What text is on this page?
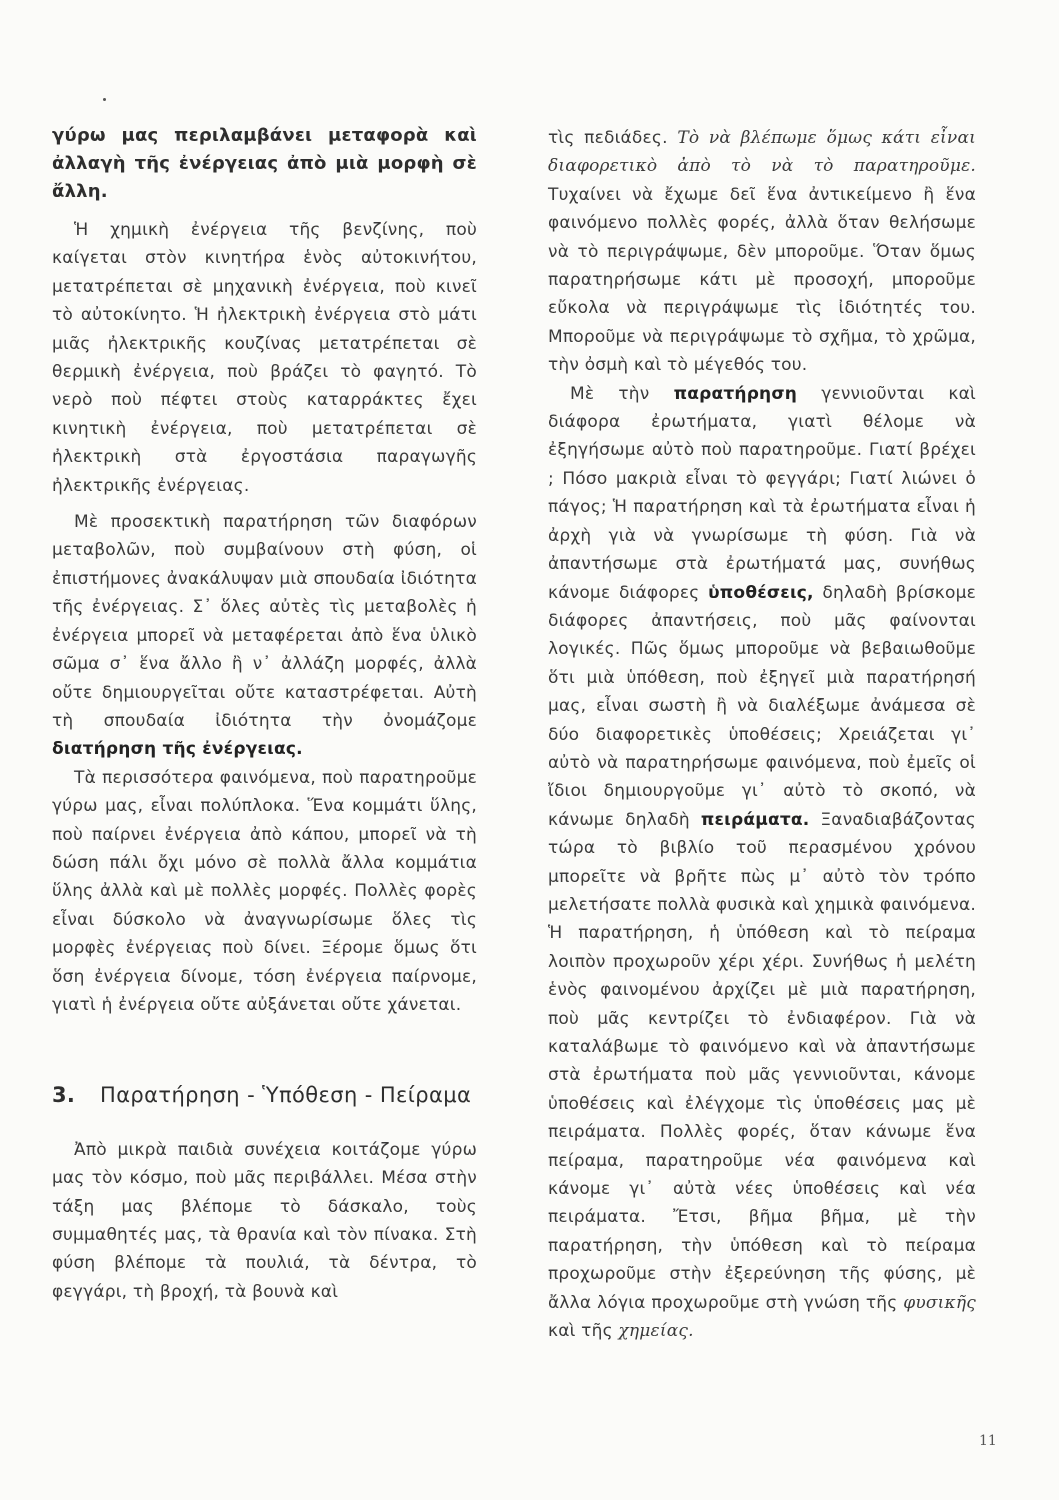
γύρω μας περιλαμβάνει μεταφορὰ καὶ ἀλλαγὴ τῆς ἐνέργειας ἀπὸ μιὰ μορφὴ σὲ ἄλλη.

Ἡ χημικὴ ἐνέργεια τῆς βενζίνης, ποὺ καίγεται στὸν κινητήρα ἑνὸς αὐτοκινήτου, μετατρέπεται σὲ μηχανικὴ ἐνέργεια, ποὺ κινεῖ τὸ αὐτοκίνητο. Ἡ ἠλεκτρικὴ ἐνέργεια στὸ μάτι μιᾶς ἠλεκτρικῆς κουζίνας μετατρέπεται σὲ θερμικὴ ἐνέργεια, ποὺ βράζει τὸ φαγητό. Τὸ νερὸ ποὺ πέφτει στοὺς καταρράκτες ἔχει κινητικὴ ἐνέργεια, ποὺ μετατρέπεται σὲ ἠλεκτρικὴ στὰ ἐργοστάσια παραγωγῆς ἠλεκτρικῆς ἐνέργειας.

Μὲ προσεκτικὴ παρατήρηση τῶν διαφόρων μεταβολῶν, ποὺ συμβαίνουν στὴ φύση, οἱ ἐπιστήμονες ἀνακάλυψαν μιὰ σπουδαία ἰδιότητα τῆς ἐνέργειας. Σ᾽ ὅλες αὐτὲς τὶς μεταβολὲς ἡ ἐνέργεια μπορεῖ νὰ μεταφέρεται ἀπὸ ἕνα ὑλικὸ σῶμα σ᾽ ἕνα ἄλλο ἢ ν᾽ ἀλλάζη μορφές, ἀλλὰ οὔτε δημιουργεῖται οὔτε καταστρέφεται. Αὐτὴ τὴ σπουδαία ἰδιότητα τὴν ὀνομάζομε διατήρηση τῆς ἐνέργειας.

Τὰ περισσότερα φαινόμενα, ποὺ παρατηροῦμε γύρω μας, εἶναι πολύπλοκα. Ἕνα κομμάτι ὕλης, ποὺ παίρνει ἐνέργεια ἀπὸ κάπου, μπορεῖ νὰ τὴ δώση πάλι ὄχι μόνο σὲ πολλὰ ἄλλα κομμάτια ὕλης ἀλλὰ καὶ μὲ πολλὲς μορφές. Πολλὲς φορὲς εἶναι δύσκολο νὰ ἀναγνωρίσωμε ὅλες τὶς μορφὲς ἐνέργειας ποὺ δίνει. Ξέρομε ὅμως ὅτι ὅση ἐνέργεια δίνομε, τόση ἐνέργεια παίρνομε, γιατὶ ἡ ἐνέργεια οὔτε αὐξάνεται οὔτε χάνεται.

3. Παρατήρηση - Ὑπόθεση - Πείραμα

Ἀπὸ μικρὰ παιδιὰ συνέχεια κοιτάζομε γύρω μας τὸν κόσμο, ποὺ μᾶς περιβάλλει. Μέσα στὴν τάξη μας βλέπομε τὸ δάσκαλο, τοὺς συμμαθητές μας, τὰ θρανία καὶ τὸν πίνακα. Στὴ φύση βλέπομε τὰ πουλιά, τὰ δέντρα, τὸ φεγγάρι, τὴ βροχή, τὰ βουνὰ καὶ

τὶς πεδιάδες. Τὸ νὰ βλέπωμε ὅμως κάτι εἶναι διαφορετικὸ ἀπὸ τὸ νὰ τὸ παρατηροῦμε. Τυχαίνει νὰ ἔχωμε δεῖ ἕνα ἀντικείμενο ἢ ἕνα φαινόμενο πολλὲς φορές, ἀλλὰ ὅταν θελήσωμε νὰ τὸ περιγράψωμε, δὲν μποροῦμε. Ὅταν ὅμως παρατηρήσωμε κάτι μὲ προσοχή, μποροῦμε εὔκολα νὰ περιγράψωμε τὶς ἰδιότητές του. Μποροῦμε νὰ περιγράψωμε τὸ σχῆμα, τὸ χρῶμα, τὴν ὀσμὴ καὶ τὸ μέγεθός του.

Μὲ τὴν παρατήρηση γεννιοῦνται καὶ διάφορα ἐρωτήματα, γιατὶ θέλομε νὰ ἐξηγήσωμε αὐτὸ ποὺ παρατηροῦμε. Γιατί βρέχει ; Πόσο μακριὰ εἶναι τὸ φεγγάρι; Γιατί λιώνει ὁ πάγος; Ἡ παρατήρηση καὶ τὰ ἐρωτήματα εἶναι ἡ ἀρχὴ γιὰ νὰ γνωρίσωμε τὴ φύση. Γιὰ νὰ ἀπαντήσωμε στὰ ἐρωτήματά μας, συνήθως κάνομε διάφορες ὑποθέσεις, δηλαδὴ βρίσκομε διάφορες ἀπαντήσεις, ποὺ μᾶς φαίνονται λογικές. Πῶς ὅμως μποροῦμε νὰ βεβαιωθοῦμε ὅτι μιὰ ὑπόθεση, ποὺ ἐξηγεῖ μιὰ παρατήρησή μας, εἶναι σωστὴ ἢ νὰ διαλέξωμε ἀνάμεσα σὲ δύο διαφορετικὲς ὑποθέσεις; Χρειάζεται γι᾽ αὐτὸ νὰ παρατηρήσωμε φαινόμενα, ποὺ ἐμεῖς οἱ ἴδιοι δημιουργοῦμε γι᾽ αὐτὸ τὸ σκοπό, νὰ κάνωμε δηλαδὴ πειράματα. Ξαναδιαβάζοντας τώρα τὸ βιβλίο τοῦ περασμένου χρόνου μπορεῖτε νὰ βρῆτε πὼς μ᾽ αὐτὸ τὸν τρόπο μελετήσατε πολλὰ φυσικὰ καὶ χημικὰ φαινόμενα. Ἡ παρατήρηση, ἡ ὑπόθεση καὶ τὸ πείραμα λοιπὸν προχωροῦν χέρι χέρι. Συνήθως ἡ μελέτη ἑνὸς φαινομένου ἀρχίζει μὲ μιὰ παρατήρηση, ποὺ μᾶς κεντρίζει τὸ ἐνδιαφέρον. Γιὰ νὰ καταλάβωμε τὸ φαινόμενο καὶ νὰ ἀπαντήσωμε στὰ ἐρωτήματα ποὺ μᾶς γεννιοῦνται, κάνομε ὑποθέσεις καὶ ἐλέγχομε τὶς ὑποθέσεις μας μὲ πειράματα. Πολλὲς φορές, ὅταν κάνωμε ἕνα πείραμα, παρατηροῦμε νέα φαινόμενα καὶ κάνομε γι᾽ αὐτὰ νέες ὑποθέσεις καὶ νέα πειράματα. Ἔτσι, βῆμα βῆμα, μὲ τὴν παρατήρηση, τὴν ὑπόθεση καὶ τὸ πείραμα προχωροῦμε στὴν ἐξερεύνηση τῆς φύσης, μὲ ἄλλα λόγια προχωροῦμε στὴ γνώση τῆς φυσικῆς καὶ τῆς χημείας.

11
